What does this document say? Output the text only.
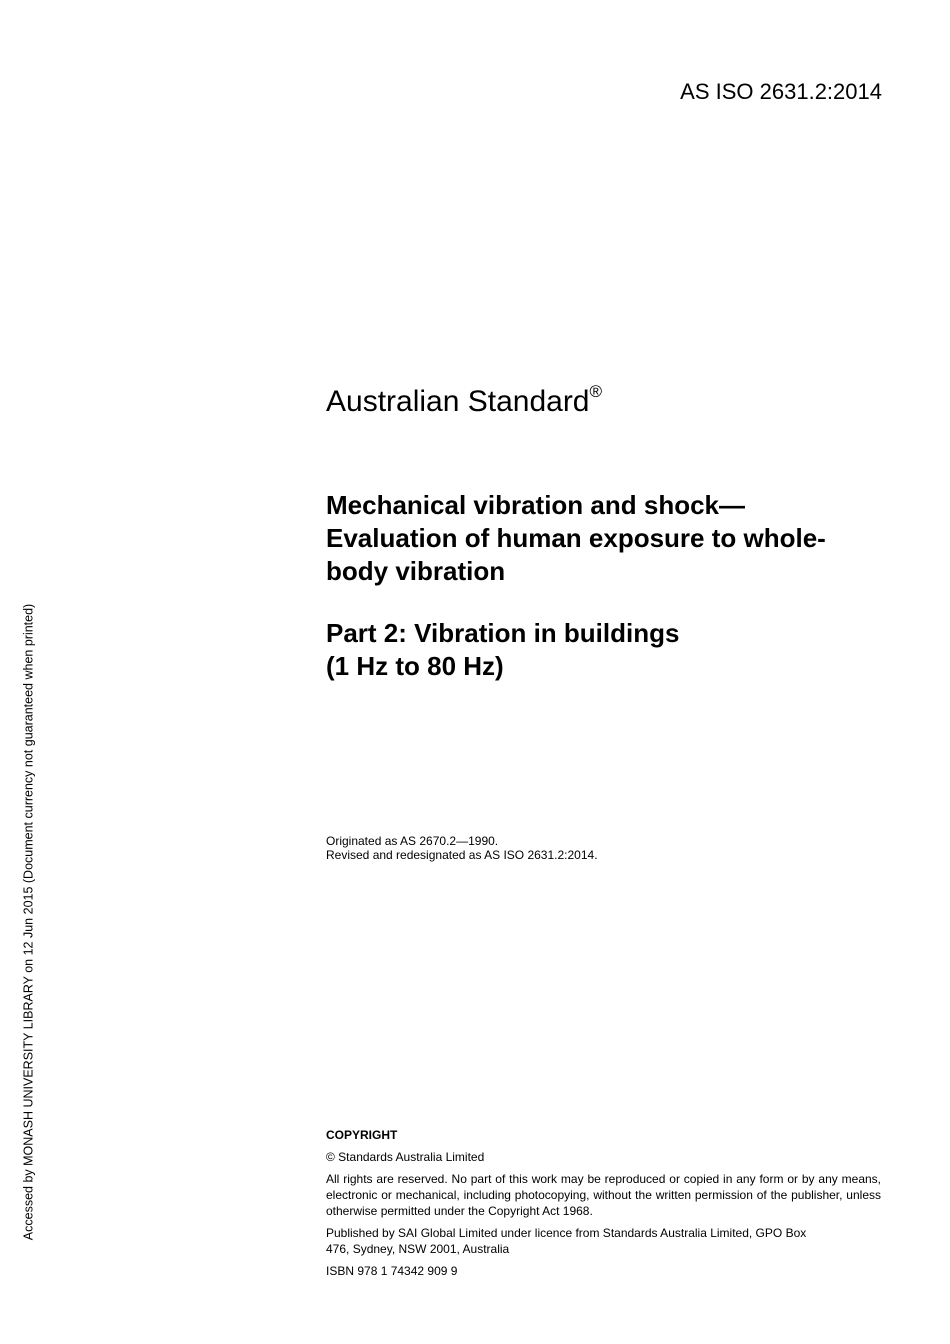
AS ISO 2631.2:2014
Accessed by MONASH UNIVERSITY LIBRARY on 12 Jun 2015 (Document currency not guaranteed when printed)
Australian Standard®
Mechanical vibration and shock—
Evaluation of human exposure to whole-
body vibration
Part 2: Vibration in buildings
(1 Hz to 80 Hz)
Originated as AS 2670.2—1990.
Revised and redesignated as AS ISO 2631.2:2014.
COPYRIGHT

© Standards Australia Limited

All rights are reserved. No part of this work may be reproduced or copied in any form or by any means, electronic or mechanical, including photocopying, without the written permission of the publisher, unless otherwise permitted under the Copyright Act 1968.

Published by SAI Global Limited under licence from Standards Australia Limited, GPO Box
476, Sydney, NSW 2001, Australia

ISBN 978 1 74342 909 9
